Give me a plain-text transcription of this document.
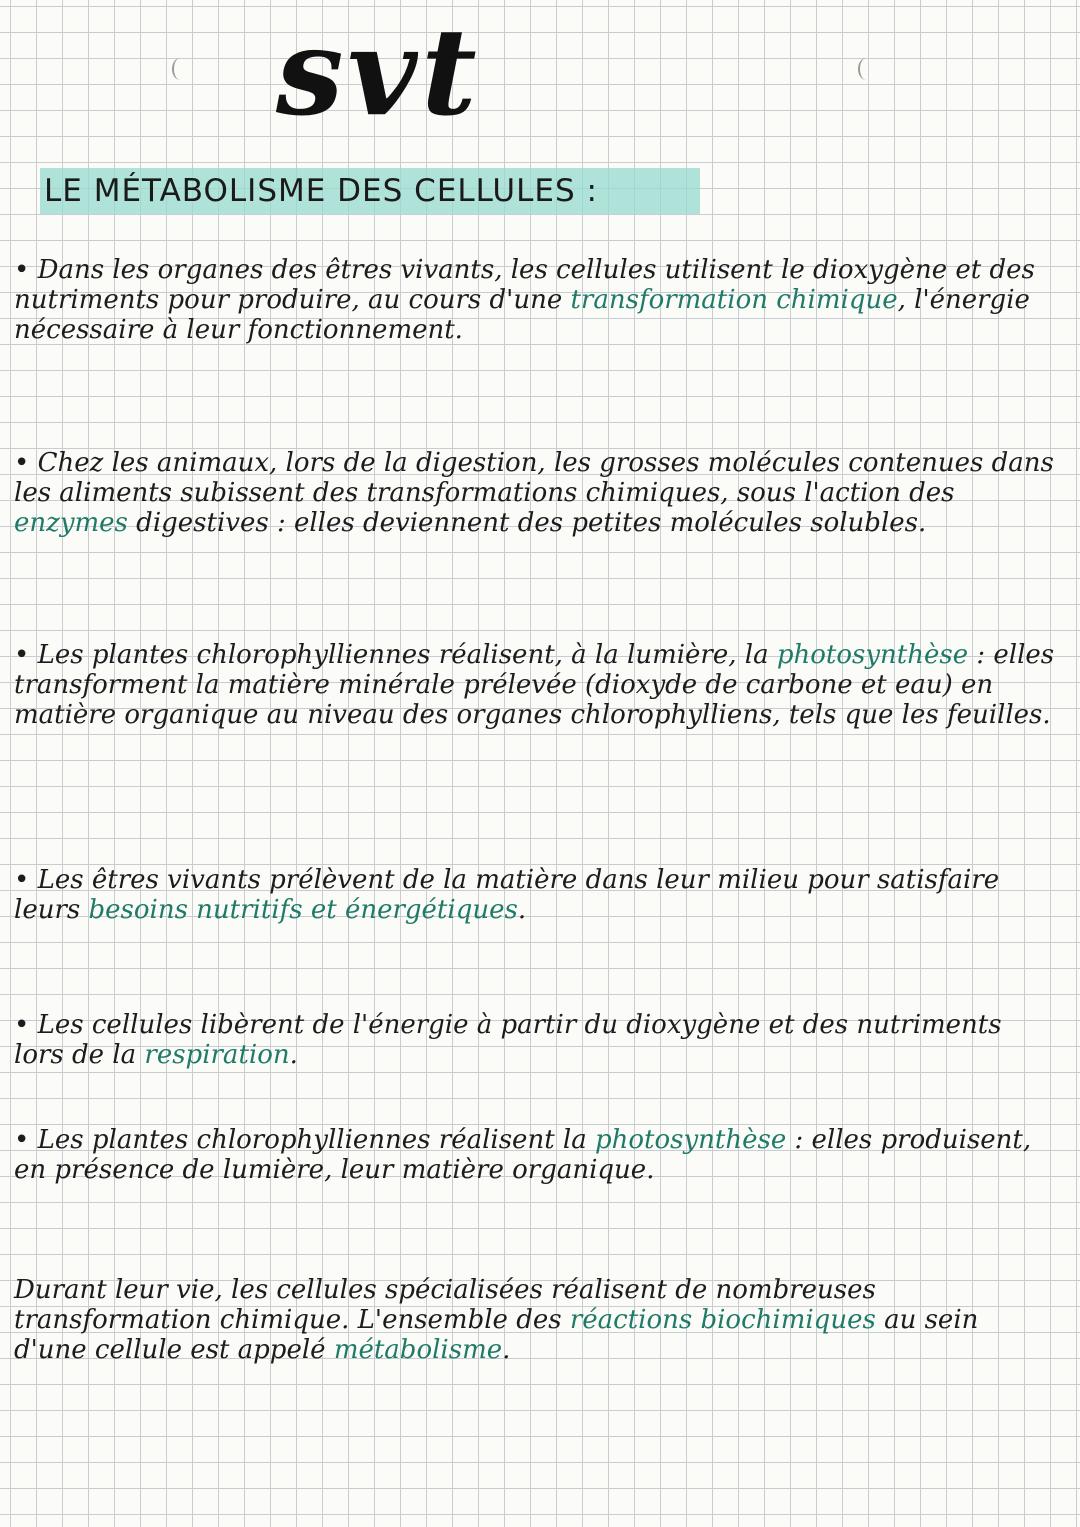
svt
LE MÉTABOLISME DES CELLULES :

• Dans les organes des êtres vivants, les cellules utilisent le dioxygène et des nutriments pour produire, au cours d'une transformation chimique, l'énergie nécessaire à leur fonctionnement.

• Chez les animaux, lors de la digestion, les grosses molécules contenues dans les aliments subissent des transformations chimiques, sous l'action des enzymes digestives : elles deviennent des petites molécules solubles.

• Les plantes chlorophylliennes réalisent, à la lumière, la photosynthèse : elles transforment la matière minérale prélevée (dioxyde de carbone et eau) en matière organique au niveau des organes chlorophylliens, tels que les feuilles.

• Les êtres vivants prélèvent de la matière dans leur milieu pour satisfaire leurs besoins nutritifs et énergétiques.

• Les cellules libèrent de l'énergie à partir du dioxygène et des nutriments lors de la respiration.

• Les plantes chlorophylliennes réalisent la photosynthèse : elles produisent, en présence de lumière, leur matière organique.

Durant leur vie, les cellules spécialisées réalisent de nombreuses transformation chimique. L'ensemble des réactions biochimiques au sein d'une cellule est appelé métabolisme.
